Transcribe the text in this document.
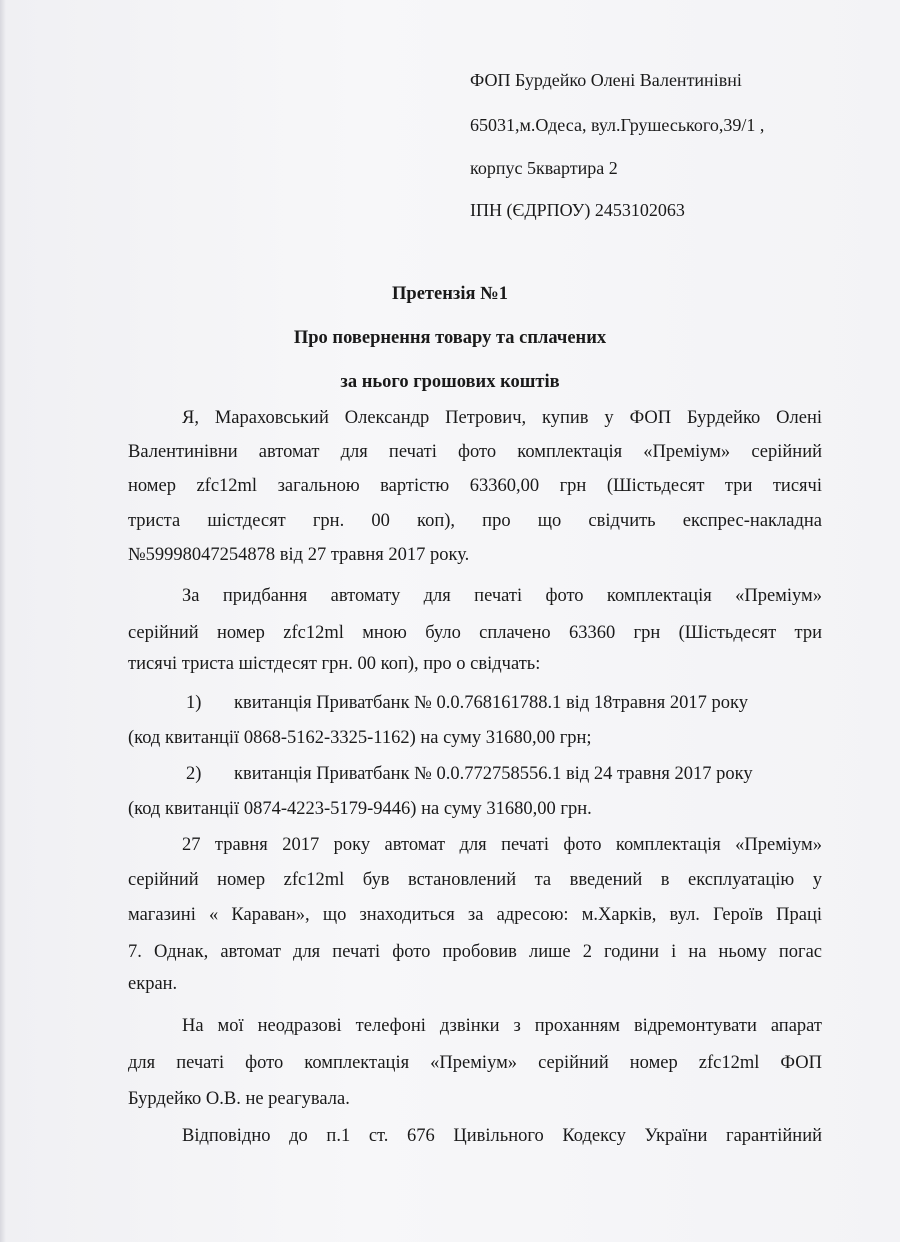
ФОП Бурдейко Олені Валентинівні
65031,м.Одеса, вул.Грушеського,39/1 ,
корпус 5квартира 2
ІПН (ЄДРПОУ) 2453102063
Претензія №1
Про повернення товару та сплачених
за нього грошових коштів
Я, Мараховський Олександр Петрович, купив у ФОП Бурдейко Олені
Валентинівни автомат для печаті фото комплектація «Преміум» серійний
номер zfc12ml загальною вартістю 63360,00 грн (Шістьдесят три тисячі
триста шістдесят грн. 00 коп), про що свідчить експрес-накладна
№59998047254878 від 27 травня 2017 року.
За придбання автомату для печаті фото комплектація «Преміум»
серійний номер zfc12ml мною було сплачено 63360 грн (Шістьдесят три
тисячі триста шістдесят грн. 00 коп), про о свідчать:
1) квитанція Приватбанк № 0.0.768161788.1 від 18травня 2017 року
(код квитанції 0868-5162-3325-1162) на суму 31680,00 грн;
2) квитанція Приватбанк № 0.0.772758556.1 від 24 травня 2017 року
(код квитанції 0874-4223-5179-9446) на суму 31680,00 грн.
27 травня 2017 року автомат для печаті фото комплектація «Преміум»
серійний номер zfc12ml був встановлений та введений в експлуатацію у
магазині « Караван», що знаходиться за адресою: м.Харків, вул. Героїв Праці
7. Однак, автомат для печаті фото пробовив лише 2 години і на ньому погас
екран.
На мої неодразові телефоні дзвінки з проханням відремонтувати апарат
для печаті фото комплектація «Преміум» серійний номер zfc12ml ФОП
Бурдейко О.В. не реагувала.
Відповідно до п.1 ст. 676 Цивільного Кодексу України гарантійний
